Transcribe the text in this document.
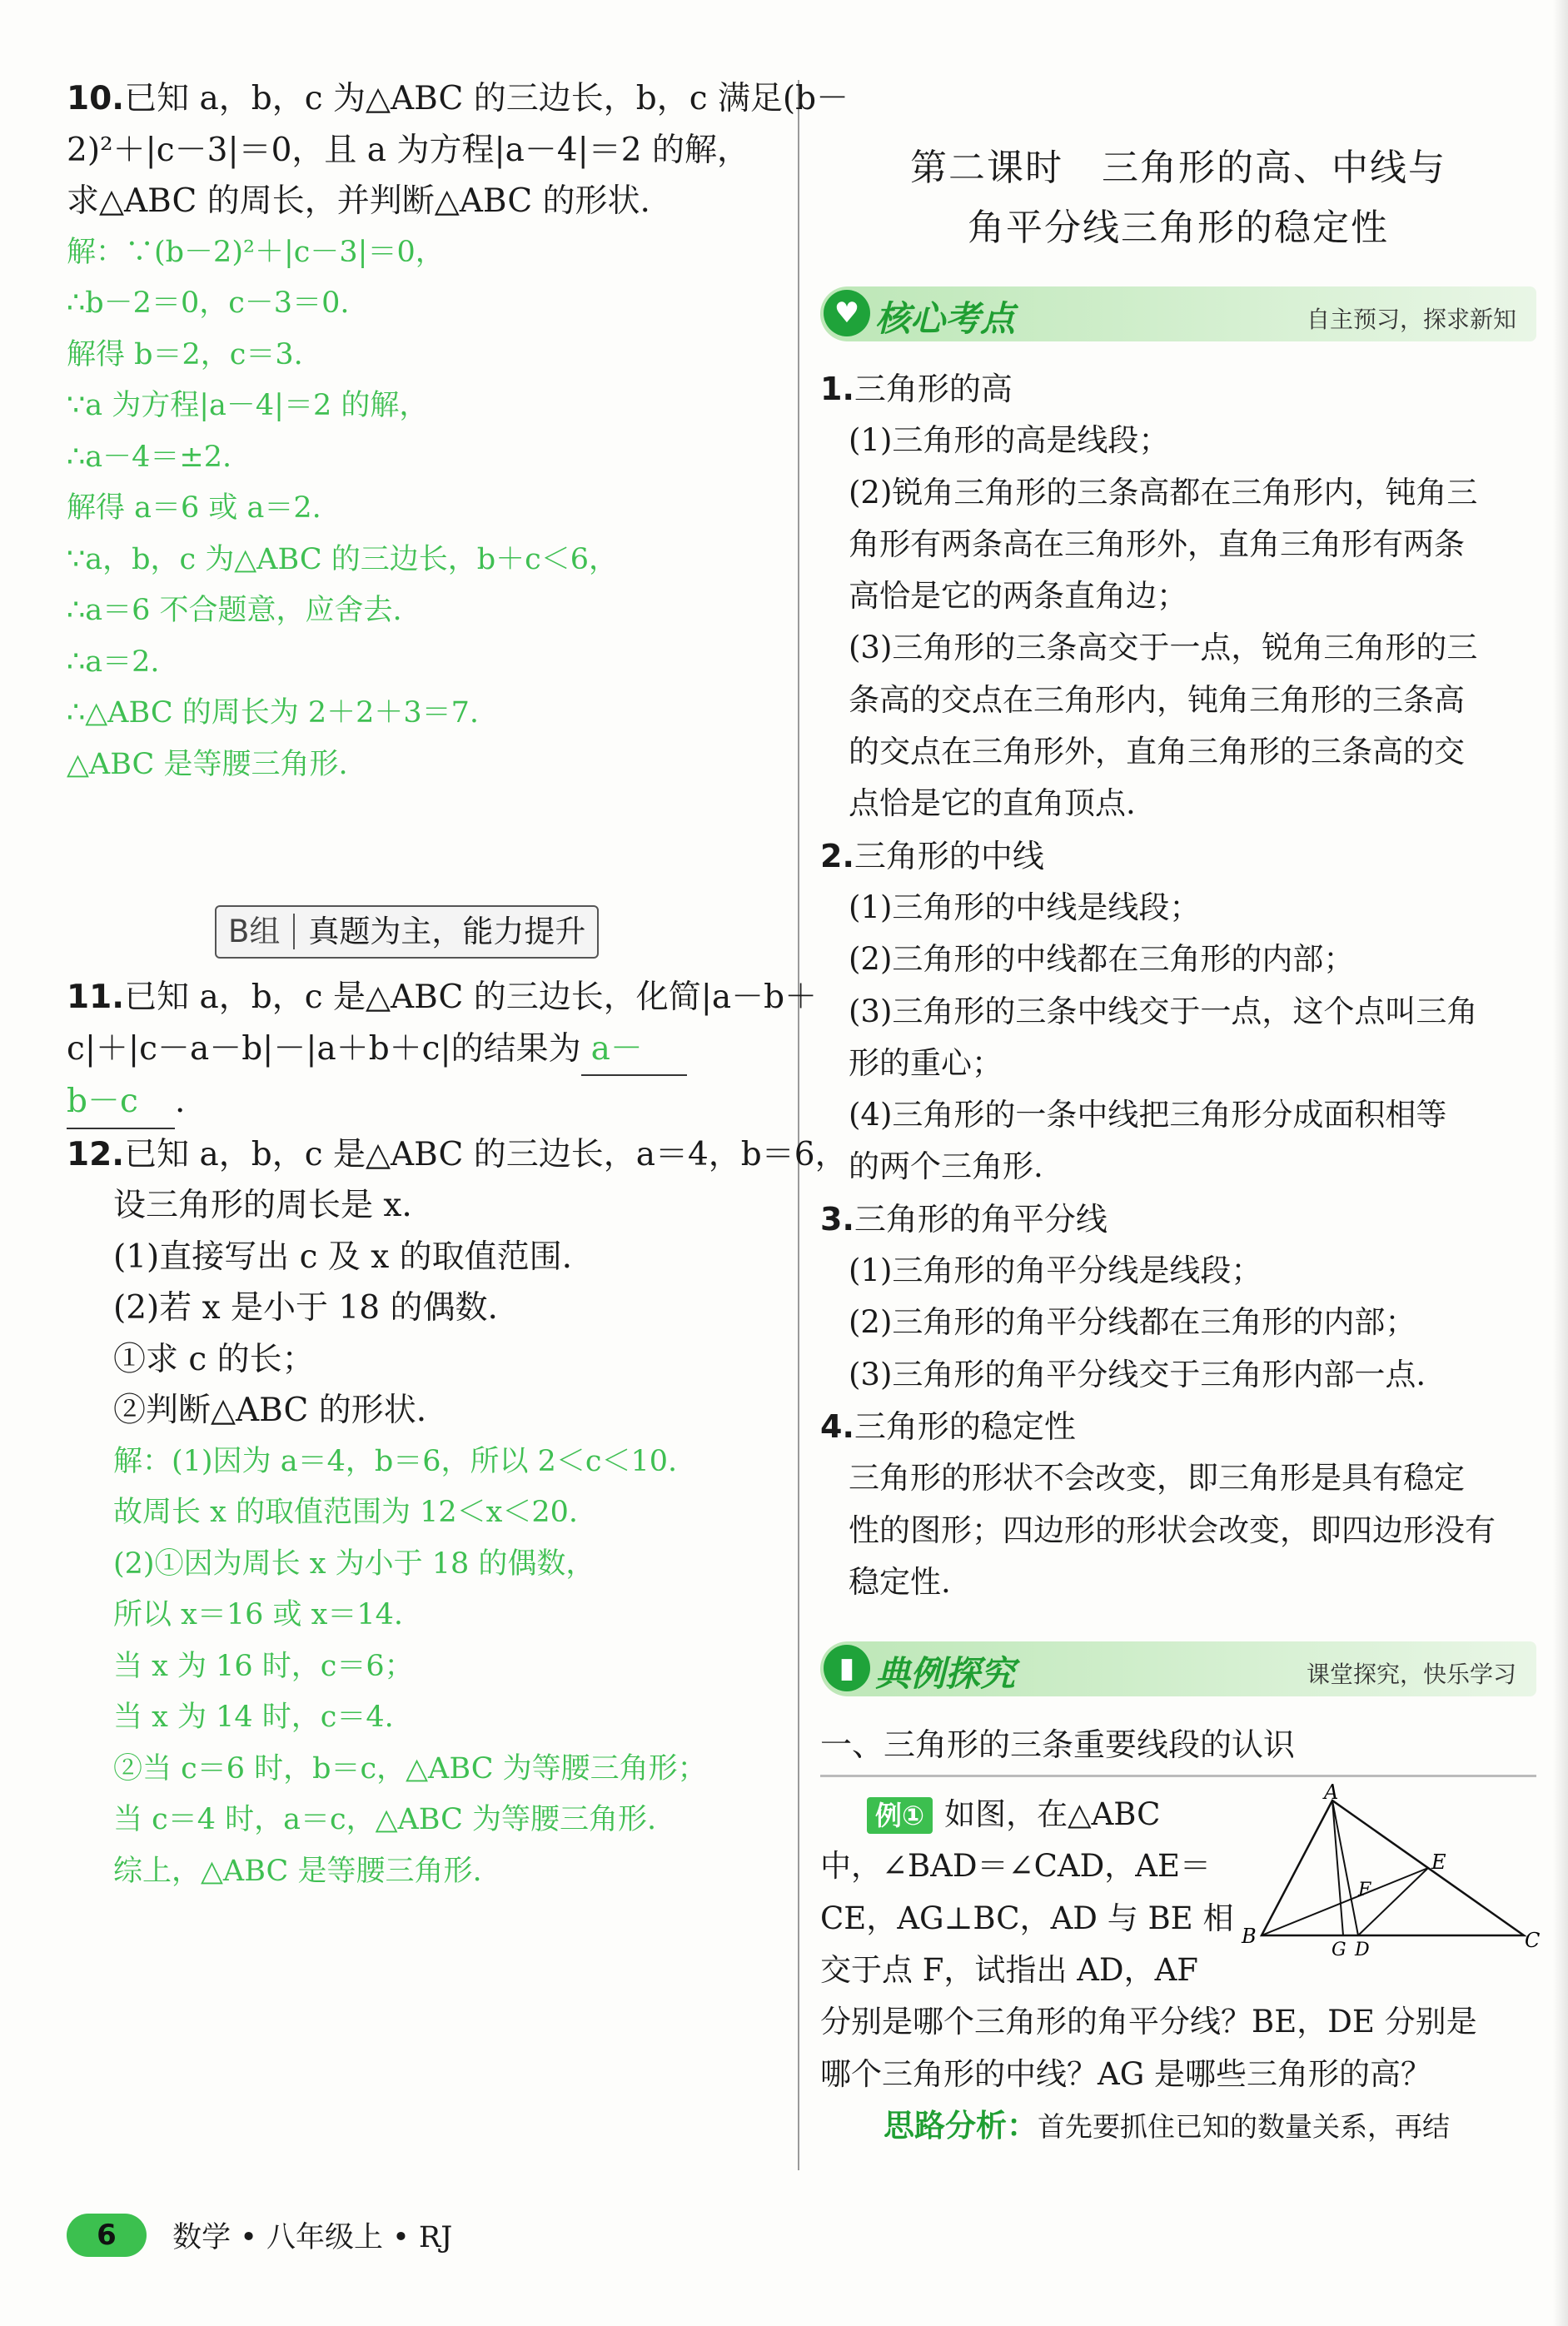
10.已知 a，b，c 为△ABC 的三边长，b，c 满足(b－
2)²＋|c－3|＝0，且 a 为方程|a－4|＝2 的解，
求△ABC 的周长，并判断△ABC 的形状.
解：∵(b－2)²＋|c－3|＝0，
∴b－2＝0，c－3＝0.
解得 b＝2，c＝3.
∵a 为方程|a－4|＝2 的解，
∴a－4＝±2.
解得 a＝6 或 a＝2.
∵a，b，c 为△ABC 的三边长，b＋c＜6，
∴a＝6 不合题意，应舍去.
∴a＝2.
∴△ABC 的周长为 2＋2＋3＝7.
△ABC 是等腰三角形.
B组 真题为主，能力提升
11.已知 a，b，c 是△ABC 的三边长，化简|a－b＋
c|＋|c－a－b|－|a＋b＋c|的结果为 a－
b－c .
12.已知 a，b，c 是△ABC 的三边长，a＝4，b＝6，
设三角形的周长是 x.
(1)直接写出 c 及 x 的取值范围.
(2)若 x 是小于 18 的偶数.
①求 c 的长；
②判断△ABC 的形状.
解：(1)因为 a＝4，b＝6，所以 2＜c＜10.
故周长 x 的取值范围为 12＜x＜20.
(2)①因为周长 x 为小于 18 的偶数，
所以 x＝16 或 x＝14.
当 x 为 16 时，c＝6；
当 x 为 14 时，c＝4.
②当 c＝6 时，b＝c，△ABC 为等腰三角形；
当 c＝4 时，a＝c，△ABC 为等腰三角形.
综上，△ABC 是等腰三角形.
第二课时　三角形的高、中线与
角平分线三角形的稳定性
♥ 核心考点	自主预习，探求新知
1.三角形的高
(1)三角形的高是线段；
(2)锐角三角形的三条高都在三角形内，钝角三
角形有两条高在三角形外，直角三角形有两条
高恰是它的两条直角边；
(3)三角形的三条高交于一点，锐角三角形的三
条高的交点在三角形内，钝角三角形的三条高
的交点在三角形外，直角三角形的三条高的交
点恰是它的直角顶点.
2.三角形的中线
(1)三角形的中线是线段；
(2)三角形的中线都在三角形的内部；
(3)三角形的三条中线交于一点，这个点叫三角
形的重心；
(4)三角形的一条中线把三角形分成面积相等
的两个三角形.
3.三角形的角平分线
(1)三角形的角平分线是线段；
(2)三角形的角平分线都在三角形的内部；
(3)三角形的角平分线交于三角形内部一点.
4.三角形的稳定性
三角形的形状不会改变，即三角形是具有稳定
性的图形；四边形的形状会改变，即四边形没有
稳定性.
▮ 典例探究	课堂探究，快乐学习
一、三角形的三条重要线段的认识
A
B	C
E
F
G D
例① 如图，在△ABC
中，∠BAD＝∠CAD，AE＝
CE，AG⊥BC，AD 与 BE 相
交于点 F，试指出 AD，AF
分别是哪个三角形的角平分线？BE，DE 分别是
哪个三角形的中线？AG 是哪些三角形的高？
思路分析：首先要抓住已知的数量关系，再结
6 数学 • 八年级上 • RJ
